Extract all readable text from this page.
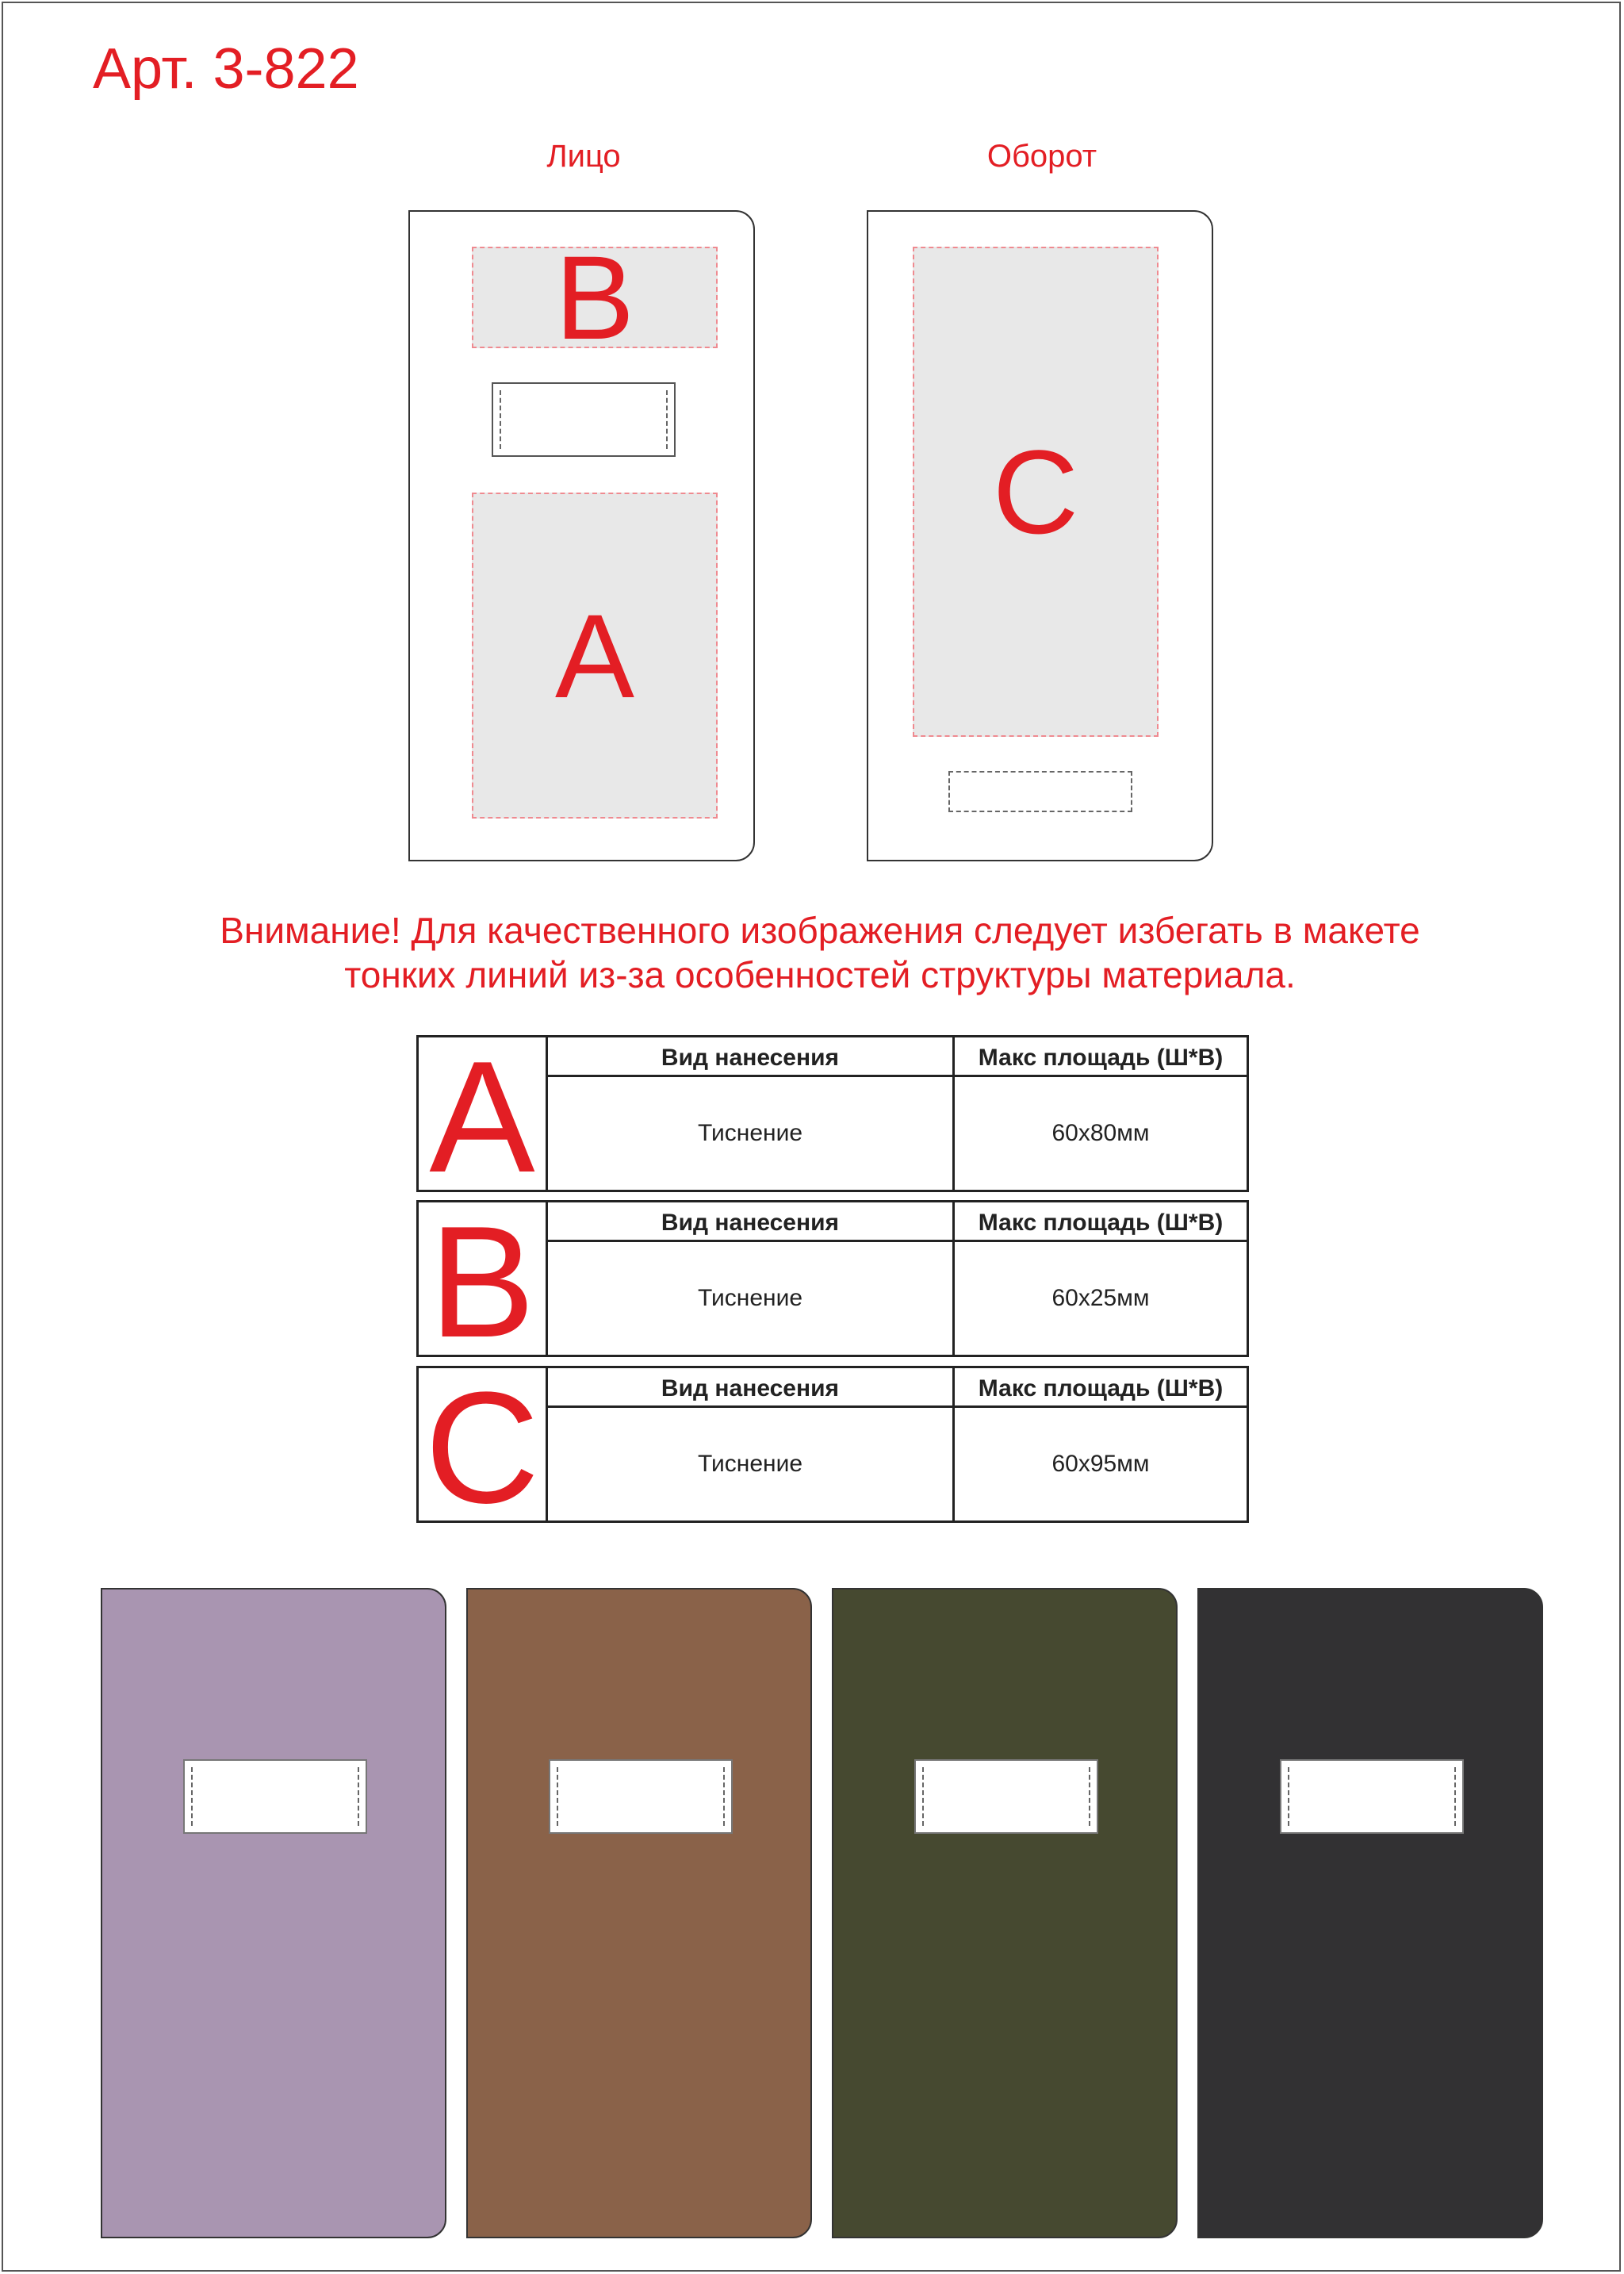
Арт. 3-822
Лицо	Оборот
B
A
C
Внимание! Для качественного изображения следует избегать в макете
тонких линий из-за особенностей структуры материала.
A	Вид нанесения	Макс площадь (Ш*В)
Тиснение	60х80мм
B	Вид нанесения	Макс площадь (Ш*В)
Тиснение	60х25мм
C	Вид нанесения	Макс площадь (Ш*В)
Тиснение	60х95мм
